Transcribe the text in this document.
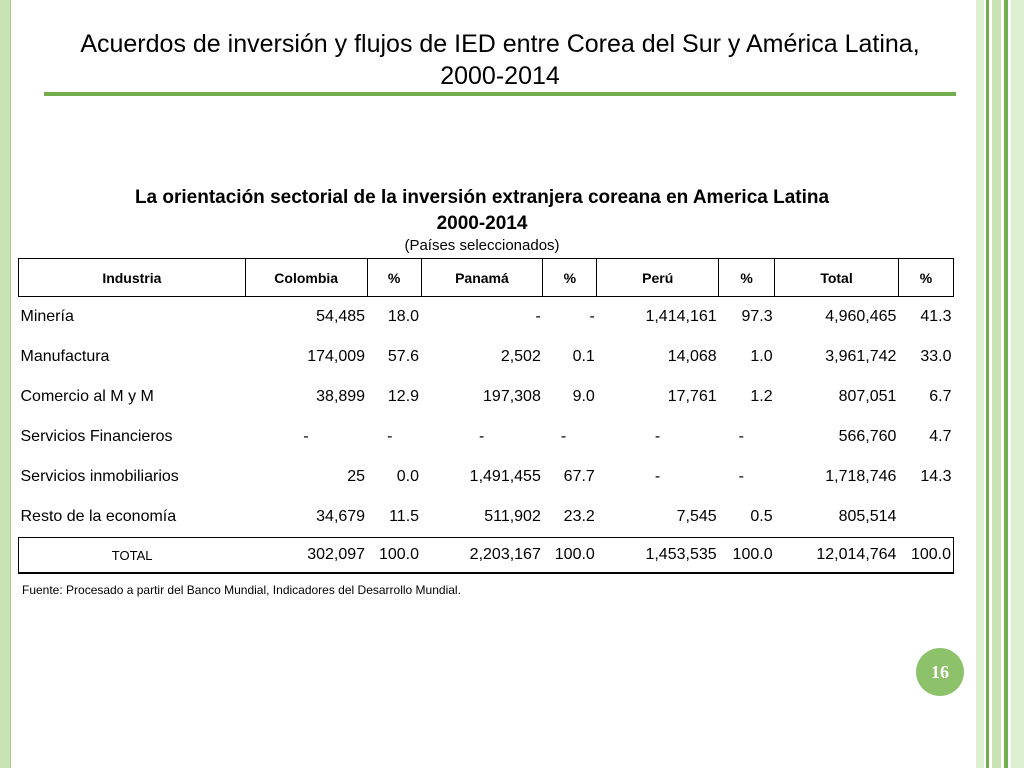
Acuerdos de inversión y flujos de IED entre Corea del Sur y América Latina,
2000-2014
La orientación sectorial de la inversión extranjera coreana en America Latina
2000-2014
(Países seleccionados)
Industria	Colombia	%	Panamá	%	Perú	%	Total	%
Minería	54,485	18.0	-	-	1,414,161	97.3	4,960,465	41.3
Manufactura	174,009	57.6	2,502	0.1	14,068	1.0	3,961,742	33.0
Comercio al M y M	38,899	12.9	197,308	9.0	17,761	1.2	807,051	6.7
Servicios Financieros	-	-	-	-	-	-	566,760	4.7
Servicios inmobiliarios	25	0.0	1,491,455	67.7	-	-	1,718,746	14.3
Resto de la economía	34,679	11.5	511,902	23.2	7,545	0.5	805,514	
TOTAL	302,097	100.0	2,203,167	100.0	1,453,535	100.0	12,014,764	100.0
Fuente: Procesado a partir del Banco Mundial, Indicadores del Desarrollo Mundial.
16
